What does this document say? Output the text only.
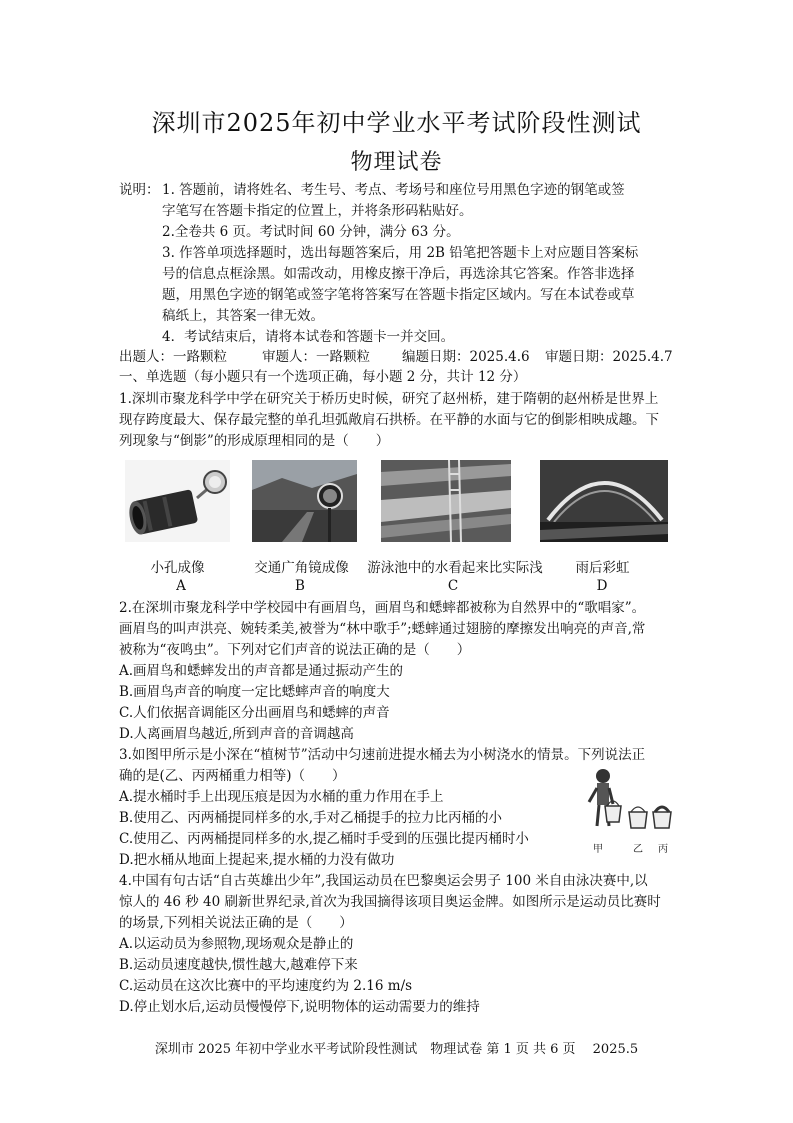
深圳市2025年初中学业水平考试阶段性测试
物理试卷
说明： 1. 答题前，请将姓名、考生号、考点、考场号和座位号用黑色字迹的钢笔或签
字笔写在答题卡指定的位置上，并将条形码粘贴好。
2.全卷共 6 页。考试时间 60 分钟，满分 63 分。
3. 作答单项选择题时，选出每题答案后，用 2B 铅笔把答题卡上对应题目答案标
号的信息点框涂黑。如需改动，用橡皮擦干净后，再选涂其它答案。作答非选择
题，用黑色字迹的钢笔或签字笔将答案写在答题卡指定区域内。写在本试卷或草
稿纸上，其答案一律无效。
4．考试结束后，请将本试卷和答题卡一并交回。
出题人：一路颗粒	审题人：一路颗粒 编题日期：2025.4.6 审题日期：2025.4.7
一、单选题（每小题只有一个选项正确，每小题 2 分，共计 12 分）
1.深圳市聚龙科学中学在研究关于桥历史时候，研究了赵州桥，建于隋朝的赵州桥是世界上
现存跨度最大、保存最完整的单孔坦弧敞肩石拱桥。在平静的水面与它的倒影相映成趣。下
列现象与“倒影”的形成原理相同的是（　　）
小孔成像	交通广角镜成像	游泳池中的水看起来比实际浅	雨后彩虹
A	B	C	D
2.在深圳市聚龙科学中学校园中有画眉鸟，画眉鸟和蟋蟀都被称为自然界中的“歌唱家”。
画眉鸟的叫声洪亮、婉转柔美,被誉为“林中歌手”;蟋蟀通过翅膀的摩擦发出响亮的声音,常
被称为“夜鸣虫”。下列对它们声音的说法正确的是（　　）
A.画眉鸟和蟋蟀发出的声音都是通过振动产生的
B.画眉鸟声音的响度一定比蟋蟀声音的响度大
C.人们依据音调能区分出画眉鸟和蟋蟀的声音
D.人离画眉鸟越近,所到声音的音调越高
3.如图甲所示是小深在“植树节”活动中匀速前进提水桶去为小树浇水的情景。下列说法正
确的是(乙、丙两桶重力相等)（　　）
A.提水桶时手上出现压痕是因为水桶的重力作用在手上
B.使用乙、丙两桶提同样多的水,手对乙桶提手的拉力比丙桶的小
C.使用乙、丙两桶提同样多的水,提乙桶时手受到的压强比提丙桶时小
D.把水桶从地面上提起来,提水桶的力没有做功
甲	乙 丙
4.中国有句古话“自古英雄出少年”,我国运动员在巴黎奥运会男子 100 米自由泳决赛中,以
惊人的 46 秒 40 刷新世界纪录,首次为我国摘得该项目奥运金牌。如图所示是运动员比赛时
的场景,下列相关说法正确的是（　　）
A.以运动员为参照物,现场观众是静止的
B.运动员速度越快,惯性越大,越难停下来
C.运动员在这次比赛中的平均速度约为 2.16 m/s
D.停止划水后,运动员慢慢停下,说明物体的运动需要力的维持
深圳市 2025 年初中学业水平考试阶段性测试　物理试卷 第 1 页 共 6 页　 2025.5
